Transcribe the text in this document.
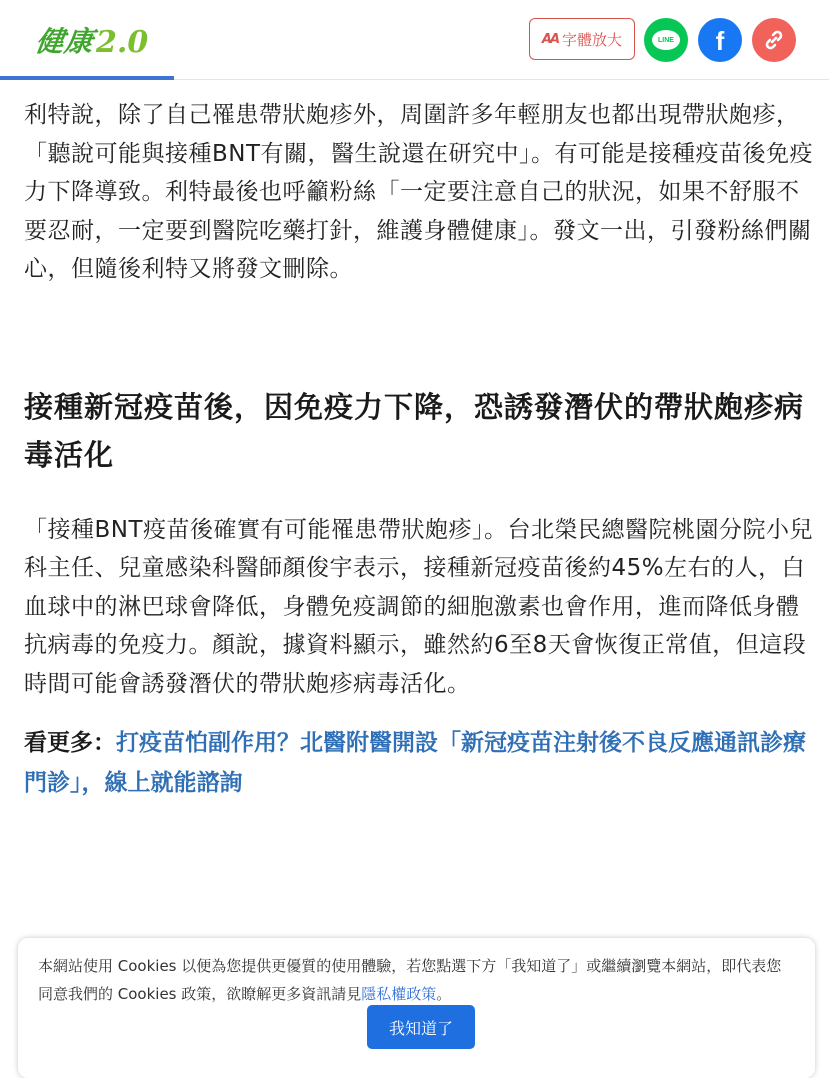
健康 2.0	AA 字體放大	LINE f

利特說，除了自己罹患帶狀皰疹外，周圍許多年輕朋友也都出現帶狀皰疹，「聽說可能與接種BNT有關，醫生說還在研究中」。有可能是接種疫苗後免疫力下降導致。利特最後也呼籲粉絲「一定要注意自己的狀況，如果不舒服不要忍耐，一定要到醫院吃藥打針，維護身體健康」。發文一出，引發粉絲們關心，但隨後利特又將發文刪除。

接種新冠疫苗後，因免疫力下降，恐誘發潛伏的帶狀皰疹病毒活化

「接種BNT疫苗後確實有可能罹患帶狀皰疹」。台北榮民總醫院桃園分院小兒科主任、兒童感染科醫師顏俊宇表示，接種新冠疫苗後約45%左右的人，白血球中的淋巴球會降低，身體免疫調節的細胞激素也會作用，進而降低身體抗病毒的免疫力。顏說，據資料顯示，雖然約6至8天會恢復正常值，但這段時間可能會誘發潛伏的帶狀皰疹病毒活化。

看更多：打疫苗怕副作用？北醫附醫開設「新冠疫苗注射後不良反應通訊診療門診」，線上就能諮詢

本網站使用 Cookies 以便為您提供更優質的使用體驗，若您點選下方「我知道了」或繼續瀏覽本網站，即代表您同意我們的 Cookies 政策，欲瞭解更多資訊請見隱私權政策。

我知道了
